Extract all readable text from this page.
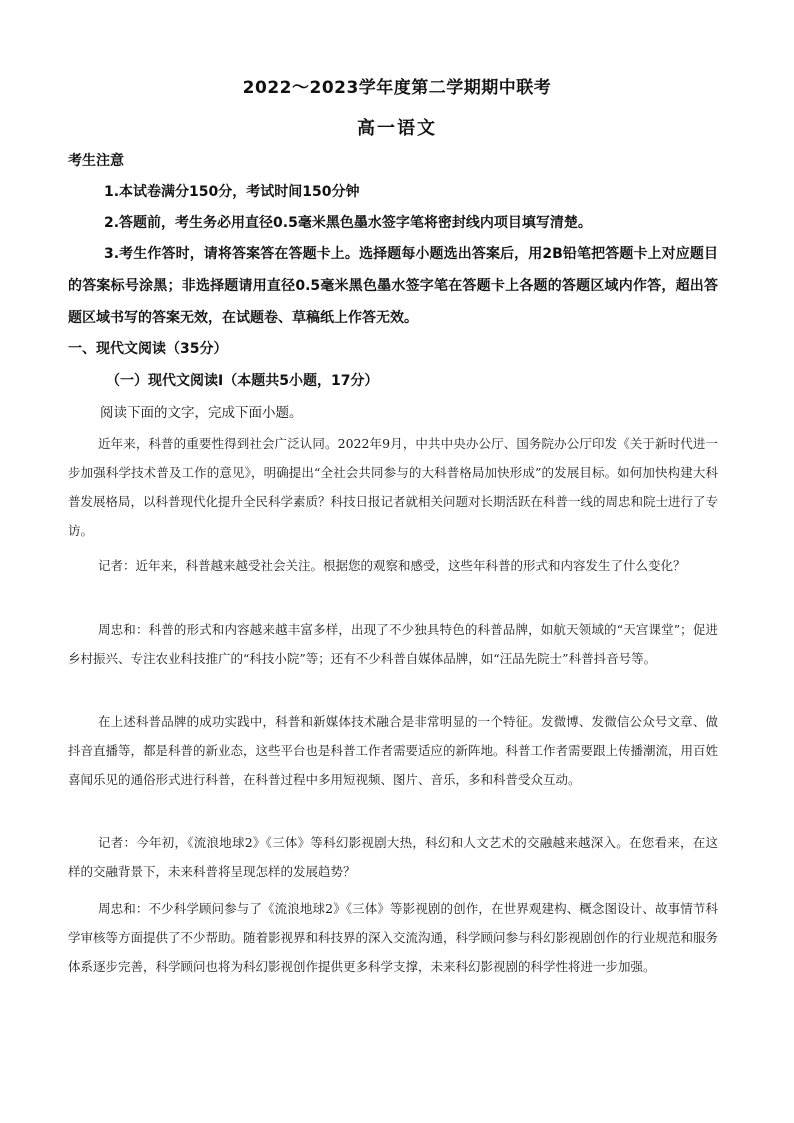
2022～2023学年度第二学期期中联考
高一语文
考生注意
1.本试卷满分150分，考试时间150分钟
2.答题前，考生务必用直径0.5毫米黑色墨水签字笔将密封线内项目填写清楚。
3.考生作答时，请将答案答在答题卡上。选择题每小题选出答案后，用2B铅笔把答题卡上对应题目的答案标号涂黑；非选择题请用直径0.5毫米黑色墨水签字笔在答题卡上各题的答题区域内作答，超出答题区域书写的答案无效，在试题卷、草稿纸上作答无效。
一、现代文阅读（35分）
（一）现代文阅读Ⅰ（本题共5小题，17分）
阅读下面的文字，完成下面小题。
近年来，科普的重要性得到社会广泛认同。2022年9月，中共中央办公厅、国务院办公厅印发《关于新时代进一步加强科学技术普及工作的意见》，明确提出“全社会共同参与的大科普格局加快形成”的发展目标。如何加快构建大科普发展格局，以科普现代化提升全民科学素质？科技日报记者就相关问题对长期活跃在科普一线的周忠和院士进行了专访。
记者：近年来，科普越来越受社会关注。根据您的观察和感受，这些年科普的形式和内容发生了什么变化？
周忠和：科普的形式和内容越来越丰富多样，出现了不少独具特色的科普品牌，如航天领域的“天宫课堂”；促进乡村振兴、专注农业科技推广的“科技小院”等；还有不少科普自媒体品牌，如“汪品先院士”科普抖音号等。
在上述科普品牌的成功实践中，科普和新媒体技术融合是非常明显的一个特征。发微博、发微信公众号文章、做抖音直播等，都是科普的新业态，这些平台也是科普工作者需要适应的新阵地。科普工作者需要跟上传播潮流，用百姓喜闻乐见的通俗形式进行科普，在科普过程中多用短视频、图片、音乐，多和科普受众互动。
记者：今年初，《流浪地球2》《三体》等科幻影视剧大热，科幻和人文艺术的交融越来越深入。在您看来，在这样的交融背景下，未来科普将呈现怎样的发展趋势？
周忠和：不少科学顾问参与了《流浪地球2》《三体》等影视剧的创作，在世界观建构、概念图设计、故事情节科学审核等方面提供了不少帮助。随着影视界和科技界的深入交流沟通，科学顾问参与科幻影视剧创作的行业规范和服务体系逐步完善，科学顾问也将为科幻影视创作提供更多科学支撑，未来科幻影视剧的科学性将进一步加强。
